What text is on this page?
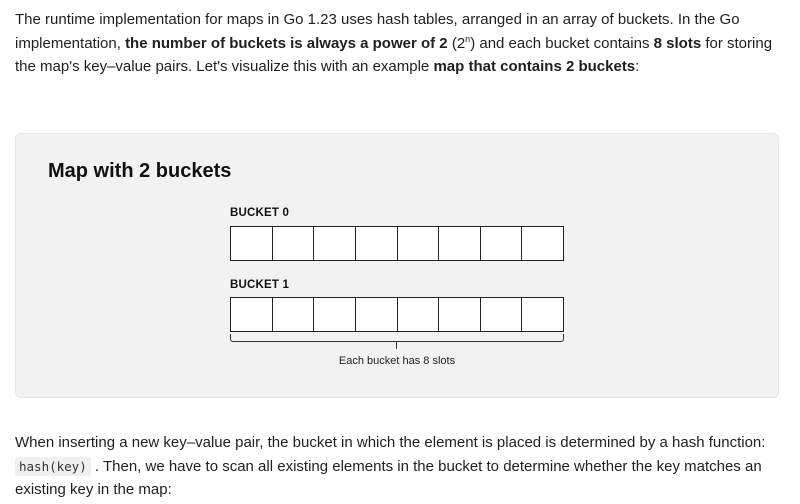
The runtime implementation for maps in Go 1.23 uses hash tables, arranged in an array of buckets. In the Go implementation, the number of buckets is always a power of 2 (2$^n$) and each bucket contains 8 slots for storing the map's key–value pairs. Let's visualize this with an example map that contains 2 buckets:

Map with 2 buckets
BUCKET 0
BUCKET 1
Each bucket has 8 slots

When inserting a new key–value pair, the bucket in which the element is placed is determined by a hash function: hash(key) . Then, we have to scan all existing elements in the bucket to determine whether the key matches an existing key in the map:
